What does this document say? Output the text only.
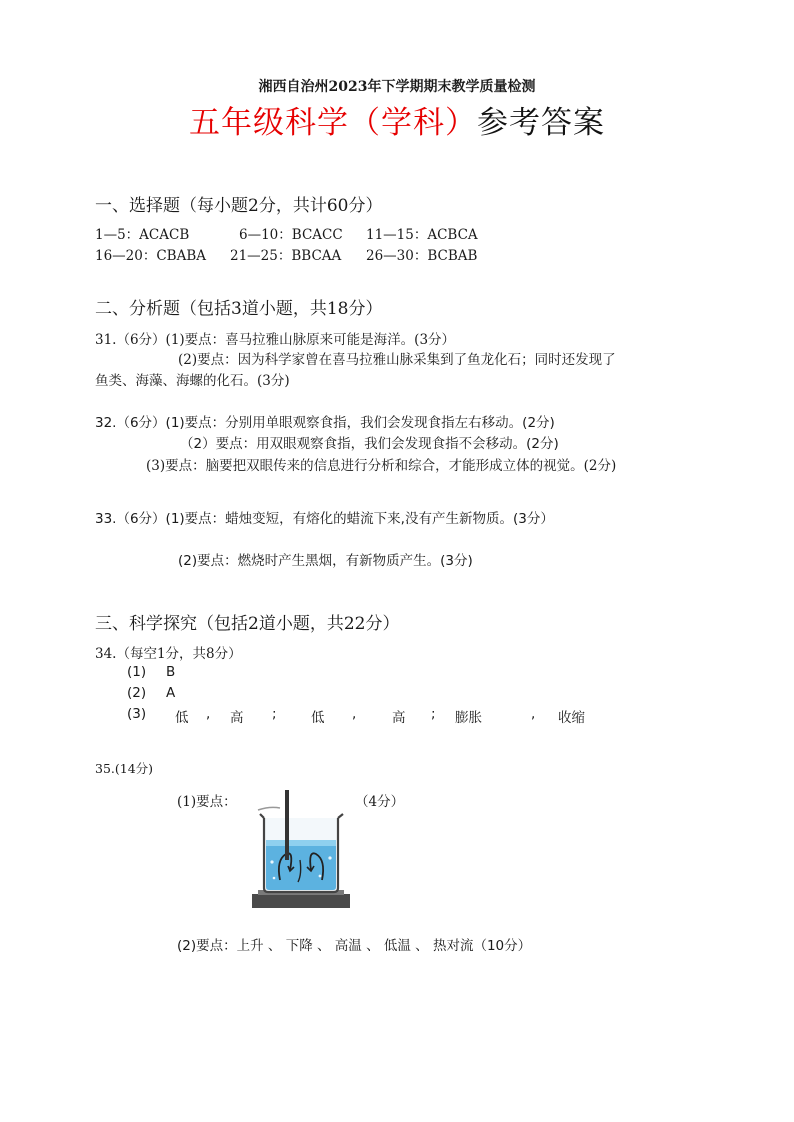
湘西自治州2023年下学期期末教学质量检测
五年级科学（学科）参考答案
一、选择题（每小题2分，共计60分）
1—5：ACACB	6—10：BCACC 11—15：ACBCA
16—20：CBABA 21—25：BBCAA 26—30：BCBAB
二、分析题（包括3道小题，共18分）
31.（6分）(1)要点：喜马拉雅山脉原来可能是海洋。(3分）
(2)要点：因为科学家曾在喜马拉雅山脉采集到了鱼龙化石；同时还发现了
鱼类、海藻、海螺的化石。(3分)
32.（6分）(1)要点：分别用单眼观察食指，我们会发现食指左右移动。(2分)
（2）要点：用双眼观察食指，我们会发现食指不会移动。(2分)
(3)要点：脑要把双眼传来的信息进行分析和综合，才能形成立体的视觉。(2分)
33.（6分）(1)要点：蜡烛变短，有熔化的蜡流下来,没有产生新物质。(3分）
(2)要点：燃烧时产生黑烟，有新物质产生。(3分)
三、科学探究（包括2道小题，共22分）
34.（每空1分，共8分）
(1) B
(2) A
(3) 低 , 高 ;	低 ,	高 ; 膨胀	, 收缩
35.(14分)
(1)要点：	（4分）
(2)要点：上升 、 下降 、 高温 、 低温 、 热对流（10分）
